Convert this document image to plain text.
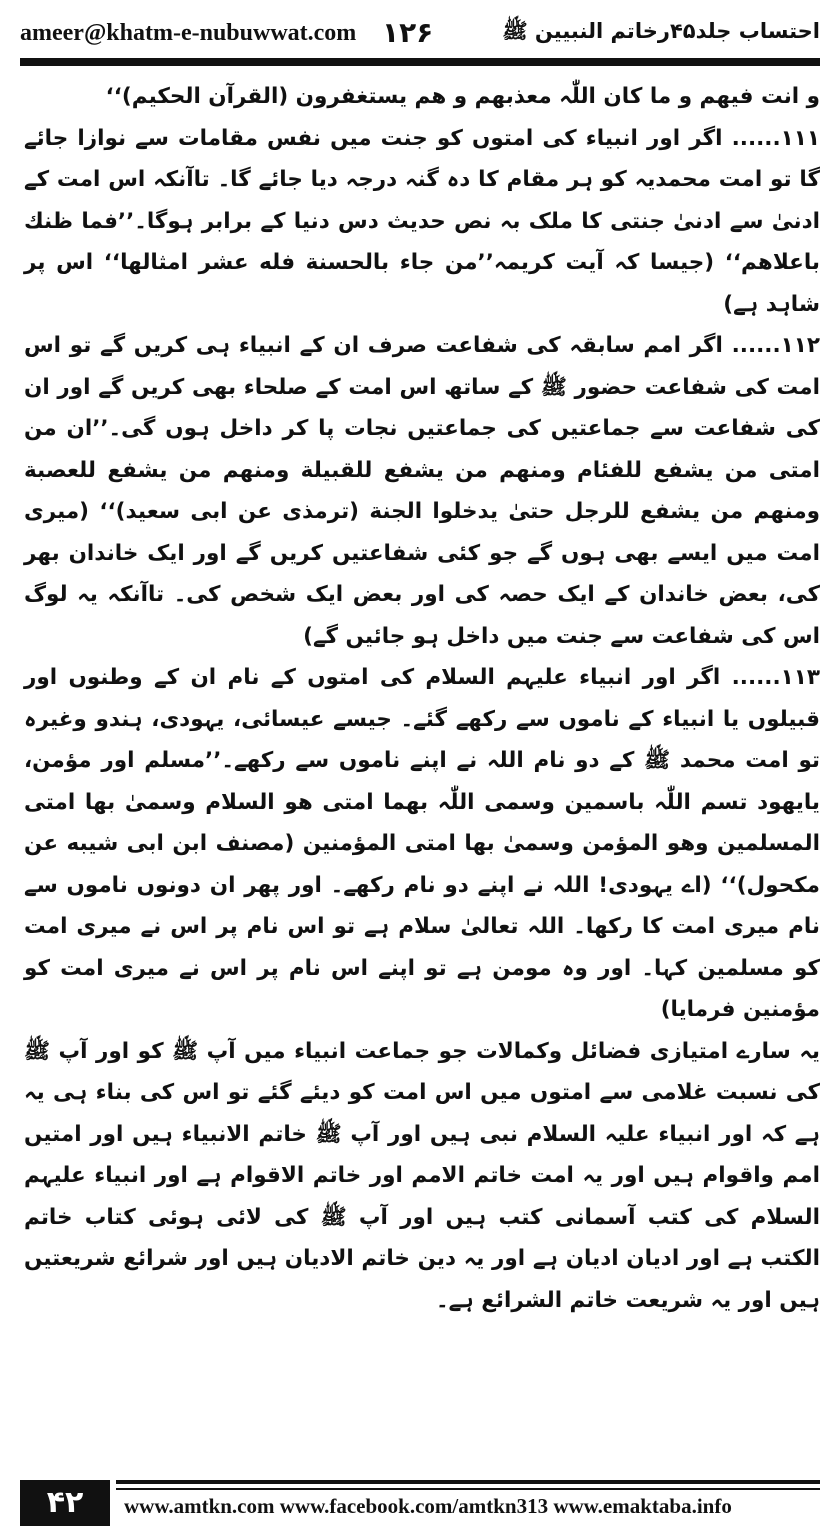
ameer@khatm-e-nubuwwat.com ۱۲۶	احتساب جلد۴۵رخاتم النبیین ﷺ

و انت فیهم و ما کان اللّٰہ معذبهم و هم یستغفرون (القرآن الحکیم)‘‘

۱۱۱...... اگر اور انبیاء کی امتوں کو جنت میں نفس مقامات سے نوازا جائے گا تو امت محمدیہ کو ہر مقام کا دہ گنہ درجہ دیا جائے گا۔ تاآنکہ اس امت کے ادنیٰ سے ادنیٰ جنتی کا ملک بہ نص حدیث دس دنیا کے برابر ہوگا۔’’فما ظنك باعلاهم‘‘ (جیسا کہ آیت کریمہ’’من جاء بالحسنة فله عشر امثالها‘‘ اس پر شاہد ہے)

۱۱۲...... اگر امم سابقہ کی شفاعت صرف ان کے انبیاء ہی کریں گے تو اس امت کی شفاعت حضور ﷺ کے ساتھ اس امت کے صلحاء بھی کریں گے اور ان کی شفاعت سے جماعتیں کی جماعتیں نجات پا کر داخل ہوں گی۔’’ان من امتی من یشفع للفئام ومنهم من یشفع للقبیلة ومنهم من یشفع للعصبة ومنهم من یشفع للرجل حتیٰ یدخلوا الجنة (ترمذی عن ابی سعید)‘‘ (میری امت میں ایسے بھی ہوں گے جو کئی شفاعتیں کریں گے اور ایک خاندان بھر کی، بعض خاندان کے ایک حصہ کی اور بعض ایک شخص کی۔ تاآنکہ یہ لوگ اس کی شفاعت سے جنت میں داخل ہو جائیں گے)

۱۱۳...... اگر اور انبیاء علیہم السلام کی امتوں کے نام ان کے وطنوں اور قبیلوں یا انبیاء کے ناموں سے رکھے گئے۔ جیسے عیسائی، یہودی، ہندو وغیرہ تو امت محمد ﷺ کے دو نام اللہ نے اپنے ناموں سے رکھے۔’’مسلم اور مؤمن، یایهود تسم اللّٰہ باسمین وسمی اللّٰہ بهما امتی هو السلام وسمیٰ بها امتی المسلمین وهو المؤمن وسمیٰ بها امتی المؤمنین (مصنف ابن ابی شیبه عن مكحول)‘‘ (اے یہودی! اللہ نے اپنے دو نام رکھے۔ اور پھر ان دونوں ناموں سے نام میری امت کا رکھا۔ اللہ تعالیٰ سلام ہے تو اس نام پر اس نے میری امت کو مسلمین کہا۔ اور وہ مومن ہے تو اپنے اس نام پر اس نے میری امت کو مؤمنین فرمایا)

یہ سارے امتیازی فضائل وکمالات جو جماعت انبیاء میں آپ ﷺ کو اور آپ ﷺ کی نسبت غلامی سے امتوں میں اس امت کو دیئے گئے تو اس کی بناء ہی یہ ہے کہ اور انبیاء علیہ السلام نبی ہیں اور آپ ﷺ خاتم الانبیاء ہیں اور امتیں امم واقوام ہیں اور یہ امت خاتم الامم اور خاتم الاقوام ہے اور انبیاء علیہم السلام کی کتب آسمانی کتب ہیں اور آپ ﷺ کی لائی ہوئی کتاب خاتم الکتب ہے اور ادیان ادیان ہے اور یہ دین خاتم الادیان ہیں اور شرائع شریعتیں ہیں اور یہ شریعت خاتم الشرائع ہے۔

۴۲	www.amtkn.com www.facebook.com/amtkn313 www.emaktaba.info
